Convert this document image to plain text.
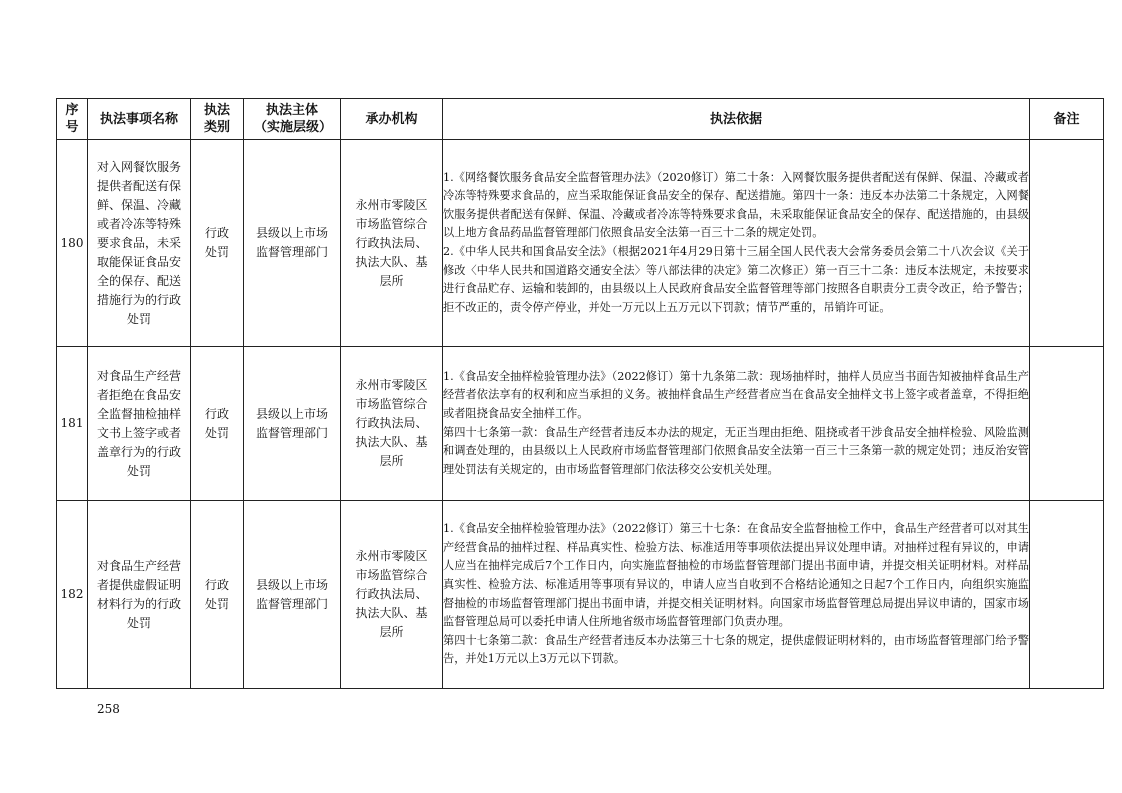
序号	执法事项名称	执法类别	执法主体（实施层级）	承办机构	执法依据	备注
180	对入网餐饮服务提供者配送有保鲜、保温、冷藏或者冷冻等特殊要求食品，未采取能保证食品安全的保存、配送措施行为的行政处罚	行政处罚	县级以上市场监督管理部门	永州市零陵区市场监管综合行政执法局、执法大队、基层所	1.《网络餐饮服务食品安全监督管理办法》（2020修订）第二十条：入网餐饮服务提供者配送有保鲜、保温、冷藏或者冷冻等特殊要求食品的，应当采取能保证食品安全的保存、配送措施。第四十一条：违反本办法第二十条规定，入网餐饮服务提供者配送有保鲜、保温、冷藏或者冷冻等特殊要求食品，未采取能保证食品安全的保存、配送措施的，由县级以上地方食品药品监督管理部门依照食品安全法第一百三十二条的规定处罚。
2.《中华人民共和国食品安全法》（根据2021年4月29日第十三届全国人民代表大会常务委员会第二十八次会议《关于修改〈中华人民共和国道路交通安全法〉等八部法律的决定》第二次修正）第一百三十二条：违反本法规定，未按要求进行食品贮存、运输和装卸的，由县级以上人民政府食品安全监督管理等部门按照各自职责分工责令改正，给予警告；拒不改正的，责令停产停业，并处一万元以上五万元以下罚款；情节严重的，吊销许可证。	

181	对食品生产经营者拒绝在食品安全监督抽检抽样文书上签字或者盖章行为的行政处罚	行政处罚	县级以上市场监督管理部门	永州市零陵区市场监管综合行政执法局、执法大队、基层所	1.《食品安全抽样检验管理办法》（2022修订）第十九条第二款：现场抽样时，抽样人员应当书面告知被抽样食品生产经营者依法享有的权利和应当承担的义务。被抽样食品生产经营者应当在食品安全抽样文书上签字或者盖章，不得拒绝或者阻挠食品安全抽样工作。
第四十七条第一款：食品生产经营者违反本办法的规定，无正当理由拒绝、阻挠或者干涉食品安全抽样检验、风险监测和调查处理的，由县级以上人民政府市场监督管理部门依照食品安全法第一百三十三条第一款的规定处罚；违反治安管理处罚法有关规定的，由市场监督管理部门依法移交公安机关处理。	

182	对食品生产经营者提供虚假证明材料行为的行政处罚	行政处罚	县级以上市场监督管理部门	永州市零陵区市场监管综合行政执法局、执法大队、基层所	1.《食品安全抽样检验管理办法》（2022修订）第三十七条：在食品安全监督抽检工作中，食品生产经营者可以对其生产经营食品的抽样过程、样品真实性、检验方法、标准适用等事项依法提出异议处理申请。对抽样过程有异议的，申请人应当在抽样完成后7个工作日内，向实施监督抽检的市场监督管理部门提出书面申请，并提交相关证明材料。对样品真实性、检验方法、标准适用等事项有异议的，申请人应当自收到不合格结论通知之日起7个工作日内，向组织实施监督抽检的市场监督管理部门提出书面申请，并提交相关证明材料。向国家市场监督管理总局提出异议申请的，国家市场监督管理总局可以委托申请人住所地省级市场监督管理部门负责办理。
第四十七条第二款：食品生产经营者违反本办法第三十七条的规定，提供虚假证明材料的，由市场监督管理部门给予警告，并处1万元以上3万元以下罚款。	

258
